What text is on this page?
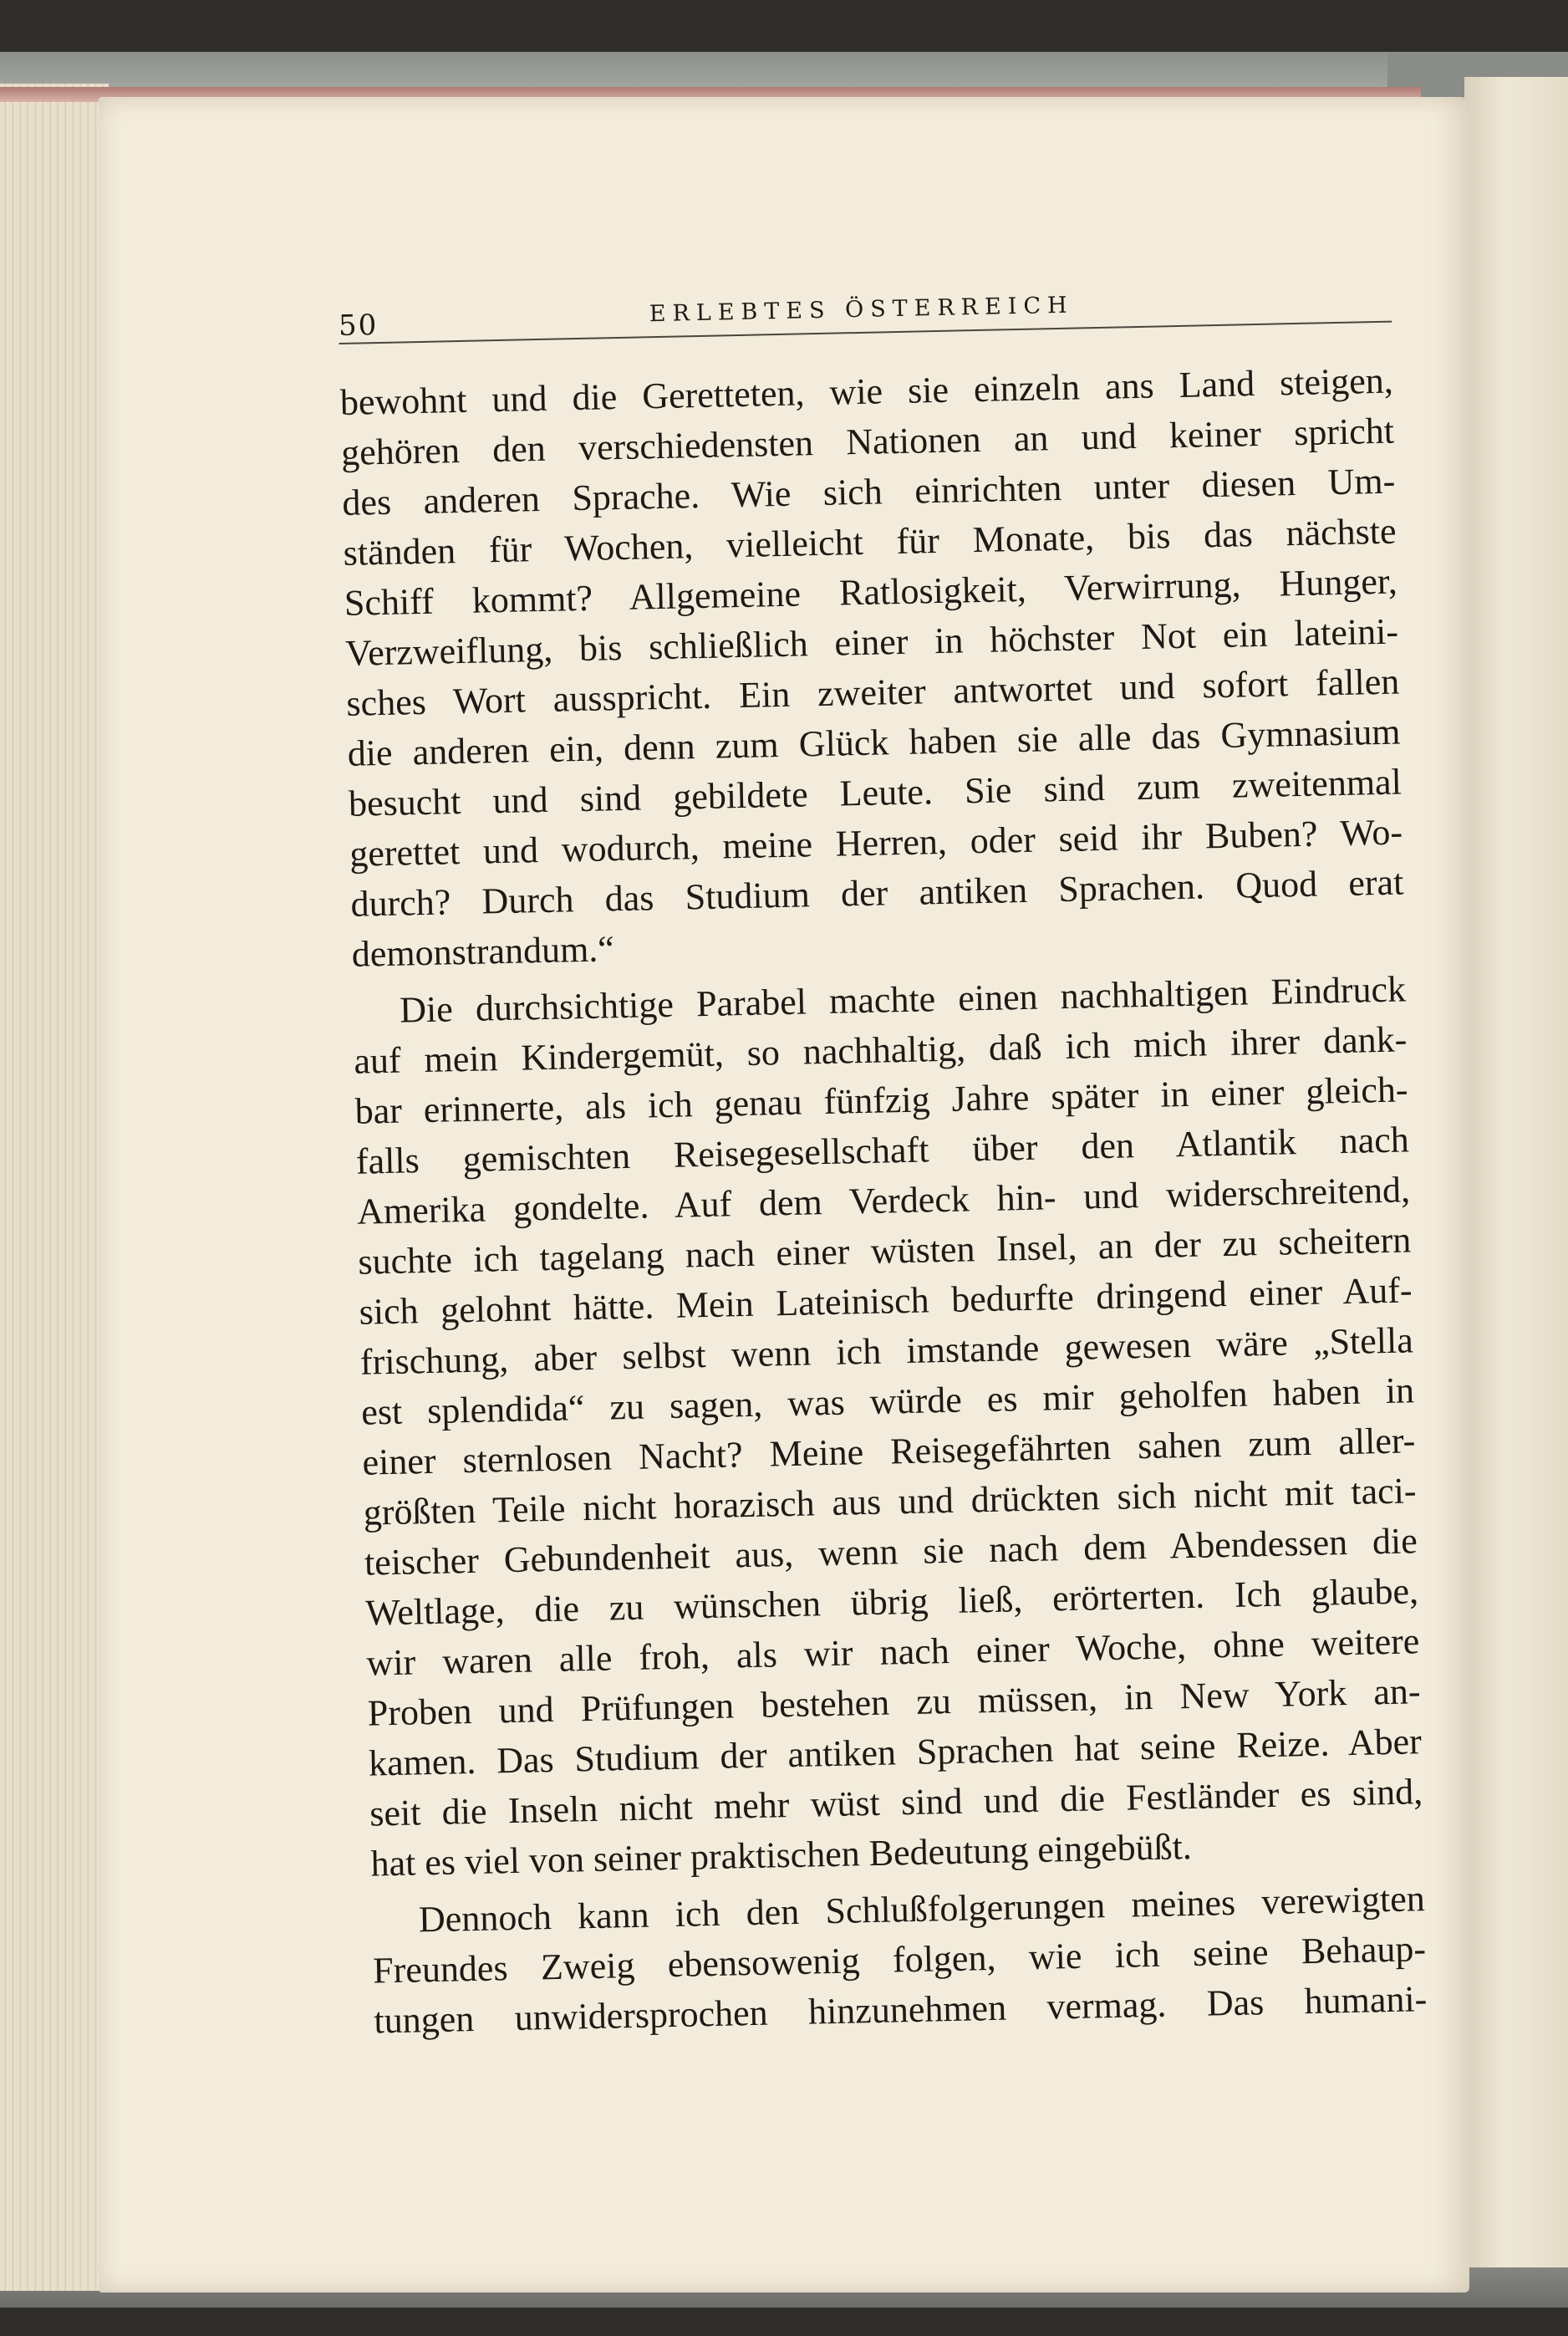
50	ERLEBTES ÖSTERREICH
bewohnt und die Geretteten, wie sie einzeln ans Land steigen,
gehören den verschiedensten Nationen an und keiner spricht
des anderen Sprache. Wie sich einrichten unter diesen Um-
ständen für Wochen, vielleicht für Monate, bis das nächste
Schiff kommt? Allgemeine Ratlosigkeit, Verwirrung, Hunger,
Verzweiflung, bis schließlich einer in höchster Not ein lateini-
sches Wort ausspricht. Ein zweiter antwortet und sofort fallen
die anderen ein, denn zum Glück haben sie alle das Gymnasium
besucht und sind gebildete Leute. Sie sind zum zweitenmal
gerettet und wodurch, meine Herren, oder seid ihr Buben? Wo-
durch? Durch das Studium der antiken Sprachen. Quod erat
demonstrandum.“
Die durchsichtige Parabel machte einen nachhaltigen Eindruck
auf mein Kindergemüt, so nachhaltig, daß ich mich ihrer dank-
bar erinnerte, als ich genau fünfzig Jahre später in einer gleich-
falls gemischten Reisegesellschaft über den Atlantik nach
Amerika gondelte. Auf dem Verdeck hin- und widerschreitend,
suchte ich tagelang nach einer wüsten Insel, an der zu scheitern
sich gelohnt hätte. Mein Lateinisch bedurfte dringend einer Auf-
frischung, aber selbst wenn ich imstande gewesen wäre „Stella
est splendida“ zu sagen, was würde es mir geholfen haben in
einer sternlosen Nacht? Meine Reisegefährten sahen zum aller-
größten Teile nicht horazisch aus und drückten sich nicht mit taci-
teischer Gebundenheit aus, wenn sie nach dem Abendessen die
Weltlage, die zu wünschen übrig ließ, erörterten. Ich glaube,
wir waren alle froh, als wir nach einer Woche, ohne weitere
Proben und Prüfungen bestehen zu müssen, in New York an-
kamen. Das Studium der antiken Sprachen hat seine Reize. Aber
seit die Inseln nicht mehr wüst sind und die Festländer es sind,
hat es viel von seiner praktischen Bedeutung eingebüßt.
Dennoch kann ich den Schlußfolgerungen meines verewigten
Freundes Zweig ebensowenig folgen, wie ich seine Behaup-
tungen unwidersprochen hinzunehmen vermag. Das humani-
